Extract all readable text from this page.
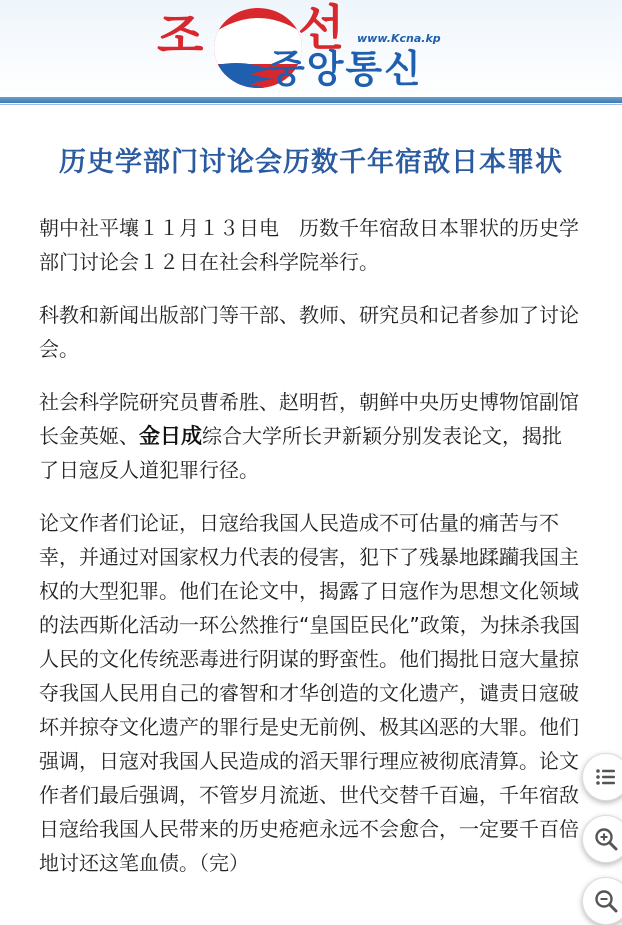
조 선 www.Kcna.kp
중앙통신
历史学部门讨论会历数千年宿敌日本罪状

朝中社平壤１１月１３日电　历数千年宿敌日本罪状的历史学
部门讨论会１２日在社会科学院举行。

科教和新闻出版部门等干部、教师、研究员和记者参加了讨论
会。

社会科学院研究员曹希胜、赵明哲，朝鲜中央历史博物馆副馆
长金英姬、金日成综合大学所长尹新颖分别发表论文，揭批
了日寇反人道犯罪行径。

论文作者们论证，日寇给我国人民造成不可估量的痛苦与不
幸，并通过对国家权力代表的侵害，犯下了残暴地蹂躏我国主
权的大型犯罪。他们在论文中，揭露了日寇作为思想文化领域
的法西斯化活动一环公然推行“皇国臣民化”政策，为抹杀我国
人民的文化传统恶毒进行阴谋的野蛮性。他们揭批日寇大量掠
夺我国人民用自己的睿智和才华创造的文化遗产，谴责日寇破
坏并掠夺文化遗产的罪行是史无前例、极其凶恶的大罪。他们
强调，日寇对我国人民造成的滔天罪行理应被彻底清算。论文
作者们最后强调，不管岁月流逝、世代交替千百遍，千年宿敌
日寇给我国人民带来的历史疮疤永远不会愈合，一定要千百倍
地讨还这笔血债。（完）
